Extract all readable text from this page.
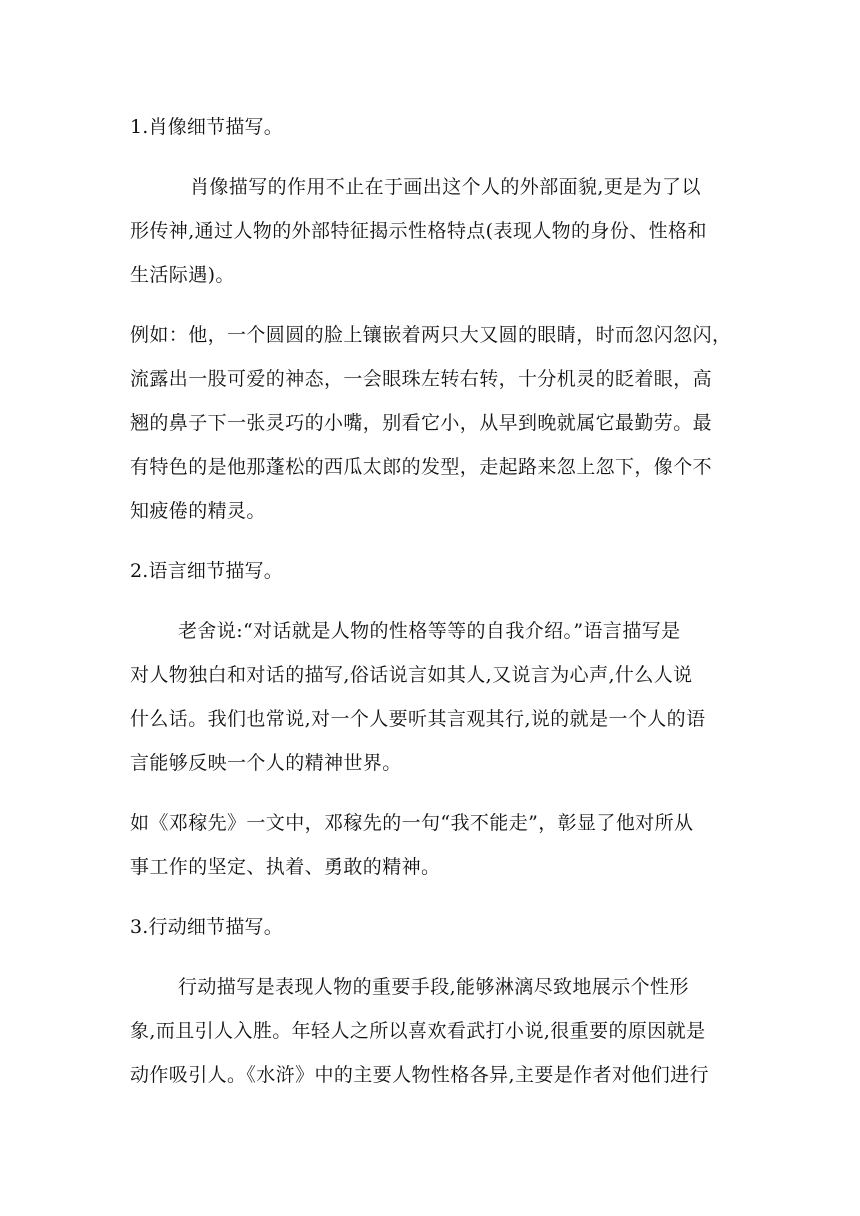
1.肖像细节描写。
肖像描写的作用不止在于画出这个人的外部面貌,更是为了以
形传神,通过人物的外部特征揭示性格特点(表现人物的身份、性格和
生活际遇)。
例如：他，一个圆圆的脸上镶嵌着两只大又圆的眼睛，时而忽闪忽闪，
流露出一股可爱的神态，一会眼珠左转右转，十分机灵的眨着眼，高
翘的鼻子下一张灵巧的小嘴，别看它小，从早到晚就属它最勤劳。最
有特色的是他那蓬松的西瓜太郎的发型，走起路来忽上忽下，像个不
知疲倦的精灵。
2.语言细节描写。
老舍说:“对话就是人物的性格等等的自我介绍。”语言描写是
对人物独白和对话的描写,俗话说言如其人,又说言为心声,什么人说
什么话。我们也常说,对一个人要听其言观其行,说的就是一个人的语
言能够反映一个人的精神世界。
如《邓稼先》一文中，邓稼先的一句“我不能走”，彰显了他对所从
事工作的坚定、执着、勇敢的精神。
3.行动细节描写。
行动描写是表现人物的重要手段,能够淋漓尽致地展示个性形
象,而且引人入胜。年轻人之所以喜欢看武打小说,很重要的原因就是
动作吸引人。《水浒》中的主要人物性格各异,主要是作者对他们进行
